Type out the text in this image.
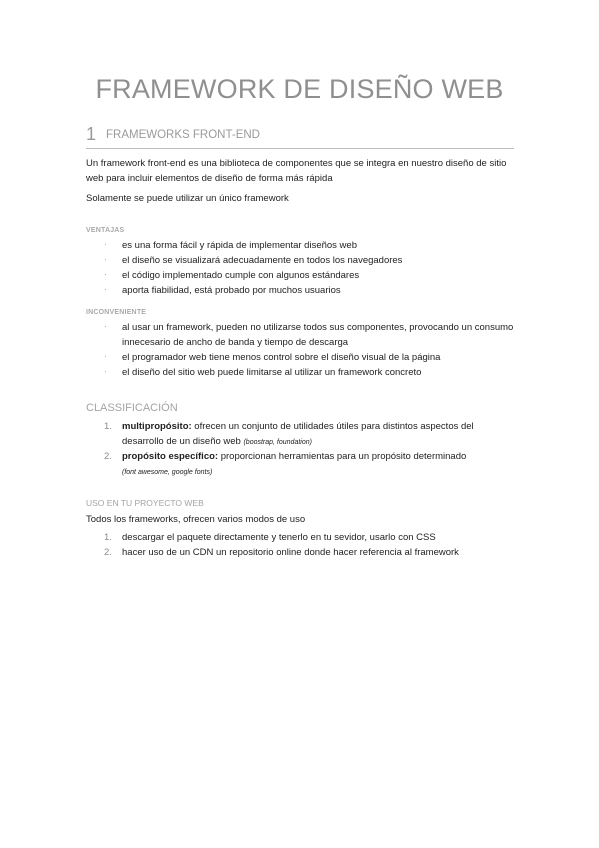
FRAMEWORK DE DISEÑO WEB
1 FRAMEWORKS FRONT-END
Un framework front-end es una biblioteca de componentes que se integra en nuestro diseño de sitio web para incluir elementos de diseño de forma más rápida
Solamente se puede utilizar un único framework
VENTAJAS
· es una forma fácil y rápida de implementar diseños web
· el diseño se visualizará adecuadamente en todos los navegadores
· el código implementado cumple con algunos estándares
· aporta fiabilidad, está probado por muchos usuarios
INCONVENIENTE
· al usar un framework, pueden no utilizarse todos sus componentes, provocando un consumo innecesario de ancho de banda y tiempo de descarga
· el programador web tiene menos control sobre el diseño visual de la página
· el diseño del sitio web puede limitarse al utilizar un framework concreto
CLASSIFICACIÓN
1. multipropósito: ofrecen un conjunto de utilidades útiles para distintos aspectos del desarrollo de un diseño web (boostrap, foundation)
2. propósito específico: proporcionan herramientas para un propósito determinado
(font awesome, google fonts)
USO EN TU PROYECTO WEB
Todos los frameworks, ofrecen varios modos de uso
1. descargar el paquete directamente y tenerlo en tu sevidor, usarlo con CSS
2. hacer uso de un CDN un repositorio online donde hacer referencia al framework
